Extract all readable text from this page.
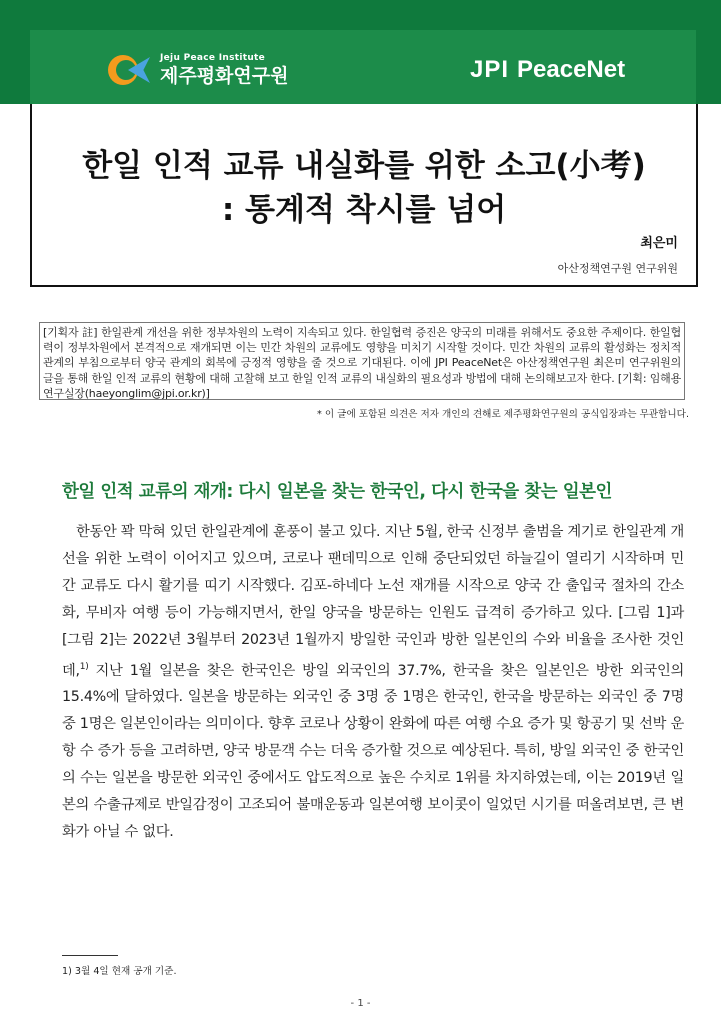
Jeju Peace Institute
제주평화연구원	JPI PeaceNet
한일 인적 교류 내실화를 위한 소고(小考)
: 통계적 착시를 넘어
최은미
아산정책연구원 연구위원
[기획자 註] 한일관계 개선을 위한 정부차원의 노력이 지속되고 있다. 한일협력 증진은 양국의 미래를 위해서도 중요한 주제이다. 한일협력이 정부차원에서 본격적으로 재개되면 이는 민간 차원의 교류에도 영향을 미치기 시작할 것이다. 민간 차원의 교류의 활성화는 정치적 관계의 부침으로부터 양국 관계의 회복에 긍정적 영향을 줄 것으로 기대된다. 이에 JPI PeaceNet은 아산정책연구원 최은미 연구위원의 글을 통해 한일 인적 교류의 현황에 대해 고찰해 보고 한일 인적 교류의 내실화의 필요성과 방법에 대해 논의해보고자 한다. [기획: 임해용 연구실장(haeyonglim@jpi.or.kr)]
* 이 글에 포함된 의견은 저자 개인의 견해로 제주평화연구원의 공식입장과는 무관합니다.
한일 인적 교류의 재개: 다시 일본을 찾는 한국인, 다시 한국을 찾는 일본인
한동안 꽉 막혀 있던 한일관계에 훈풍이 불고 있다. 지난 5월, 한국 신정부 출범을 계기로 한일관계 개선을 위한 노력이 이어지고 있으며, 코로나 팬데믹으로 인해 중단되었던 하늘길이 열리기 시작하며 민간 교류도 다시 활기를 띠기 시작했다. 김포-하네다 노선 재개를 시작으로 양국 간 출입국 절차의 간소화, 무비자 여행 등이 가능해지면서, 한일 양국을 방문하는 인원도 급격히 증가하고 있다. [그림 1]과 [그림 2]는 2022년 3월부터 2023년 1월까지 방일한 국인과 방한 일본인의 수와 비율을 조사한 것인데,$^{1)}$ 지난 1월 일본을 찾은 한국인은 방일 외국인의 37.7%, 한국을 찾은 일본인은 방한 외국인의 15.4%에 달하였다. 일본을 방문하는 외국인 중 3명 중 1명은 한국인, 한국을 방문하는 외국인 중 7명 중 1명은 일본인이라는 의미이다. 향후 코로나 상황이 완화에 따른 여행 수요 증가 및 항공기 및 선박 운항 수 증가 등을 고려하면, 양국 방문객 수는 더욱 증가할 것으로 예상된다. 특히, 방일 외국인 중 한국인의 수는 일본을 방문한 외국인 중에서도 압도적으로 높은 수치로 1위를 차지하였는데, 이는 2019년 일본의 수출규제로 반일감정이 고조되어 불매운동과 일본여행 보이콧이 일었던 시기를 떠올려보면, 큰 변화가 아닐 수 없다.
1) 3월 4일 현재 공개 기준.
- 1 -
